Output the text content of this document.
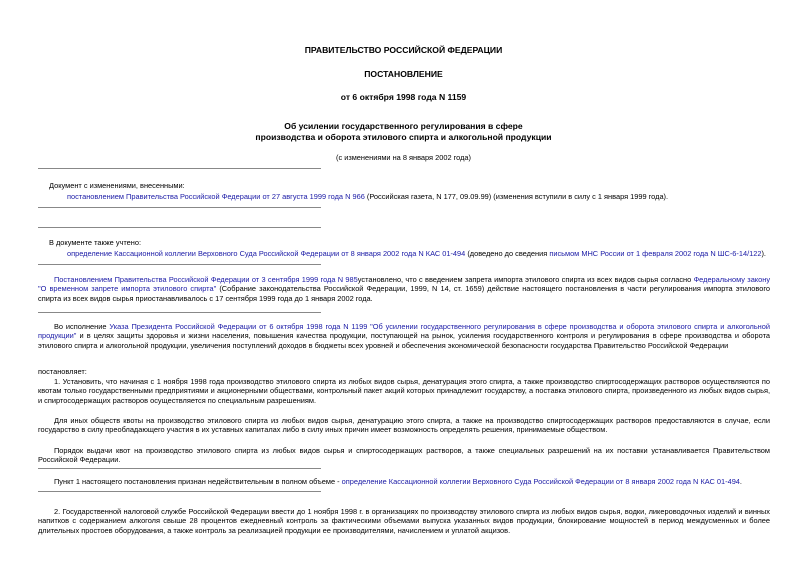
ПРАВИТЕЛЬСТВО РОССИЙСКОЙ ФЕДЕРАЦИИ
ПОСТАНОВЛЕНИЕ
от 6 октября 1998 года N 1159
Об усилении государственного регулирования в сфере
производства и оборота этилового спирта и алкогольной продукции
(с изменениями на 8 января 2002 года)
Документ с изменениями, внесенными:
постановлением Правительства Российской Федерации от 27 августа 1999 года N 966 (Российская газета, N 177, 09.09.99) (изменения вступили в силу с 1 января 1999 года).
В документе также учтено:
определение Кассационной коллегии Верховного Суда Российской Федерации от 8 января 2002 года N КАС 01-494 (доведено до сведения письмом МНС России от 1 февраля 2002 года N ШС-6-14/122).
Постановлением Правительства Российской Федерации от 3 сентября 1999 года N 985установлено, что с введением запрета импорта этилового спирта из всех видов сырья согласно Федеральному закону "О временном запрете импорта этилового спирта" (Собрание законодательства Российской Федерации, 1999, N 14, ст. 1659) действие настоящего постановления в части регулирования импорта этилового спирта из всех видов сырья приостанавливалось с 17 сентября 1999 года до 1 января 2002 года.
Во исполнение Указа Президента Российской Федерации от 6 октября 1998 года N 1199 "Об усилении государственного регулирования в сфере производства и оборота этилового спирта и алкогольной продукции" и в целях защиты здоровья и жизни населения, повышения качества продукции, поступающей на рынок, усиления государственного контроля и регулирования в сфере производства и оборота этилового спирта и алкогольной продукции, увеличения поступлений доходов в бюджеты всех уровней и обеспечения экономической безопасности государства Правительство Российской Федерации
постановляет:
1. Установить, что начиная с 1 ноября 1998 года производство этилового спирта из любых видов сырья, денатурация этого спирта, а также производство спиртосодержащих растворов осуществляются по квотам только государственными предприятиями и акционерными обществами, контрольный пакет акций которых принадлежит государству, а поставка этилового спирта, произведенного из любых видов сырья, и спиртосодержащих растворов осуществляется по специальным разрешениям.
Для иных обществ квоты на производство этилового спирта из любых видов сырья, денатурацию этого спирта, а также на производство спиртосодержащих растворов предоставляются в случае, если государство в силу преобладающего участия в их уставных капиталах либо в силу иных причин имеет возможность определять решения, принимаемые обществом.
Порядок выдачи квот на производство этилового спирта из любых видов сырья и спиртосодержащих растворов, а также специальных разрешений на их поставки устанавливается Правительством Российской Федерации.
Пункт 1 настоящего постановления признан недействительным в полном объеме - определение Кассационной коллегии Верховного Суда Российской Федерации от 8 января 2002 года N КАС 01-494.
2. Государственной налоговой службе Российской Федерации ввести до 1 ноября 1998 г. в организациях по производству этилового спирта из любых видов сырья, водки, ликероводочных изделий и винных напитков с содержанием алкоголя свыше 28 процентов ежедневный контроль за фактическими объемами выпуска указанных видов продукции, блокирование мощностей в период междусменных и более длительных простоев оборудования, а также контроль за реализацией продукции ее производителями, начислением и уплатой акцизов.
